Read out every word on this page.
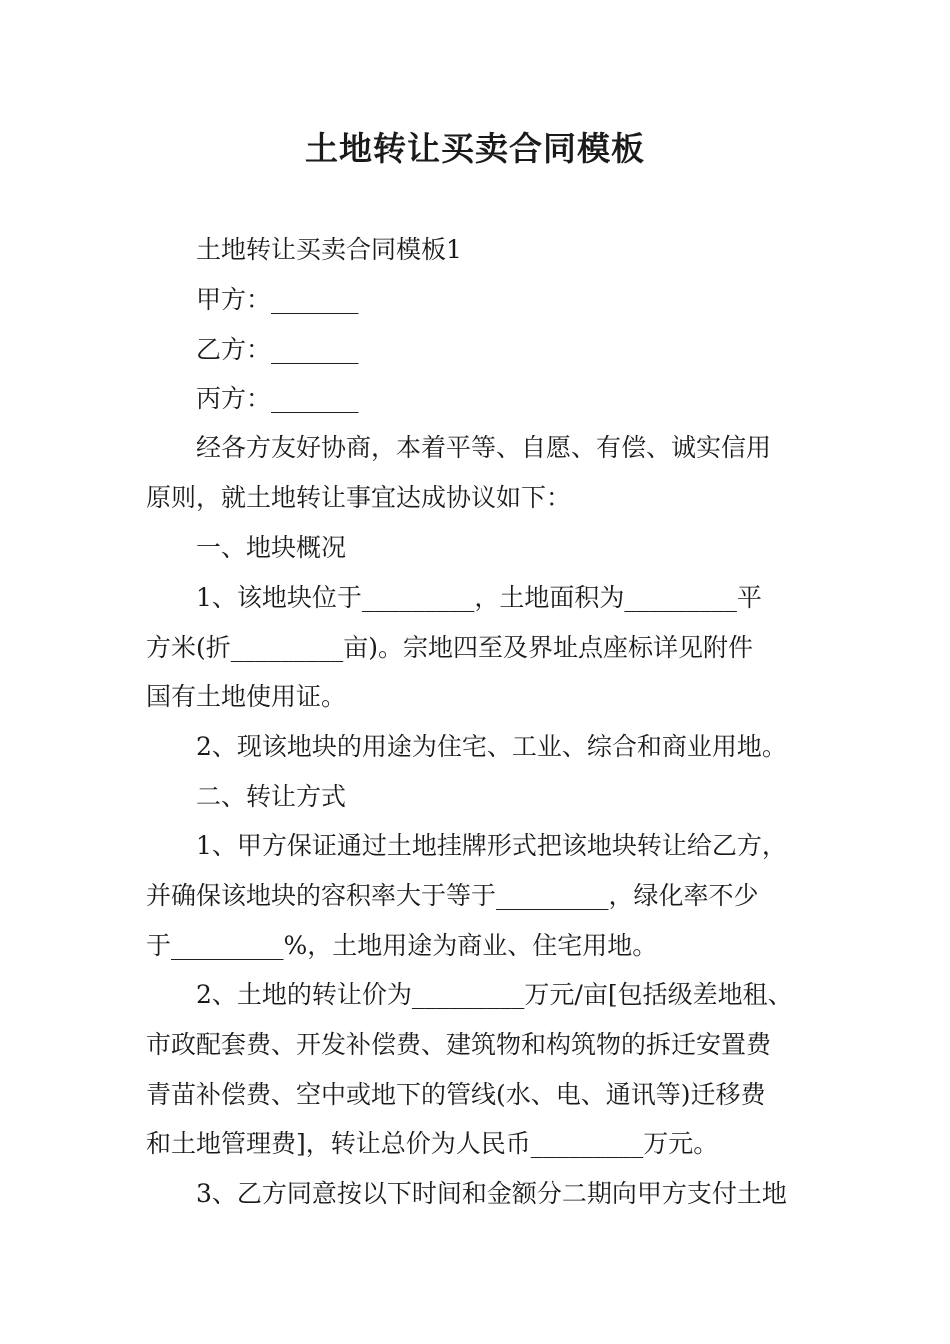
土地转让买卖合同模板
土地转让买卖合同模板1
甲方：_______
乙方：_______
丙方：_______
经各方友好协商，本着平等、自愿、有偿、诚实信用
原则，就土地转让事宜达成协议如下：
一、地块概况
1、该地块位于_________，土地面积为_________平
方米(折_________亩)。宗地四至及界址点座标详见附件
国有土地使用证。
2、现该地块的用途为住宅、工业、综合和商业用地。
二、转让方式
1、甲方保证通过土地挂牌形式把该地块转让给乙方，
并确保该地块的容积率大于等于_________，绿化率不少
于_________%，土地用途为商业、住宅用地。
2、土地的转让价为_________万元/亩[包括级差地租、
市政配套费、开发补偿费、建筑物和构筑物的拆迁安置费
青苗补偿费、空中或地下的管线(水、电、通讯等)迁移费
和土地管理费]，转让总价为人民币_________万元。
3、乙方同意按以下时间和金额分二期向甲方支付土地
